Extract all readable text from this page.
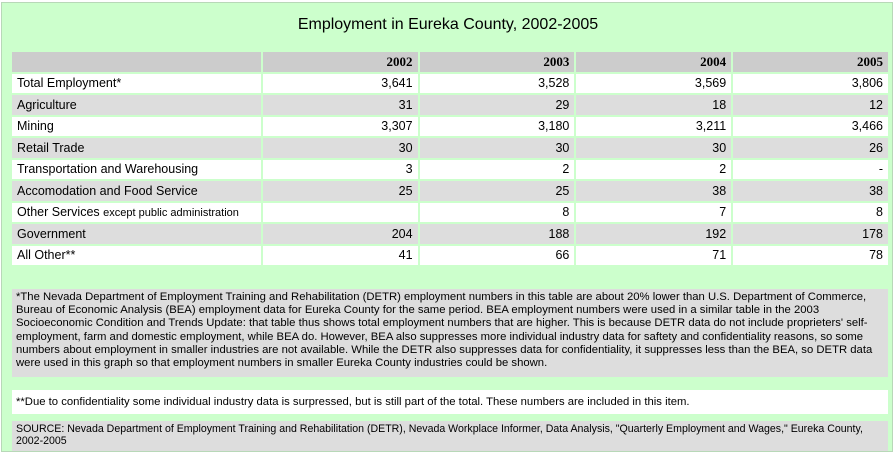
Employment in Eureka County, 2002-2005
	2002	2003	2004	2005
Total Employment*	3,641	3,528	3,569	3,806
Agriculture	31	29	18	12
Mining	3,307	3,180	3,211	3,466
Retail Trade	30	30	30	26
Transportation and Warehousing	3	2	2	-
Accomodation and Food Service	25	25	38	38
Other Services except public administration		8	7	8
Government	204	188	192	178
All Other**	41	66	71	78
*The Nevada Department of Employment Training and Rehabilitation (DETR) employment numbers in this table are about 20% lower than U.S. Department of Commerce, Bureau of Economic Analysis (BEA) employment data for Eureka County for the same period. BEA employment numbers were used in a similar table in the 2003 Socioeconomic Condition and Trends Update: that table thus shows total employment numbers that are higher. This is because DETR data do not include proprieters' self-employment, farm and domestic employment, while BEA do. However, BEA also suppresses more individual industry data for saftety and confidentiality reasons, so some numbers about employment in smaller industries are not available. While the DETR also suppresses data for confidentiality, it suppresses less than the BEA, so DETR data were used in this graph so that employment numbers in smaller Eureka County industries could be shown.
**Due to confidentiality some individual industry data is surpressed, but is still part of the total. These numbers are included in this item.
SOURCE: Nevada Department of Employment Training and Rehabilitation (DETR), Nevada Workplace Informer, Data Analysis, "Quarterly Employment and Wages," Eureka County, 2002-2005
